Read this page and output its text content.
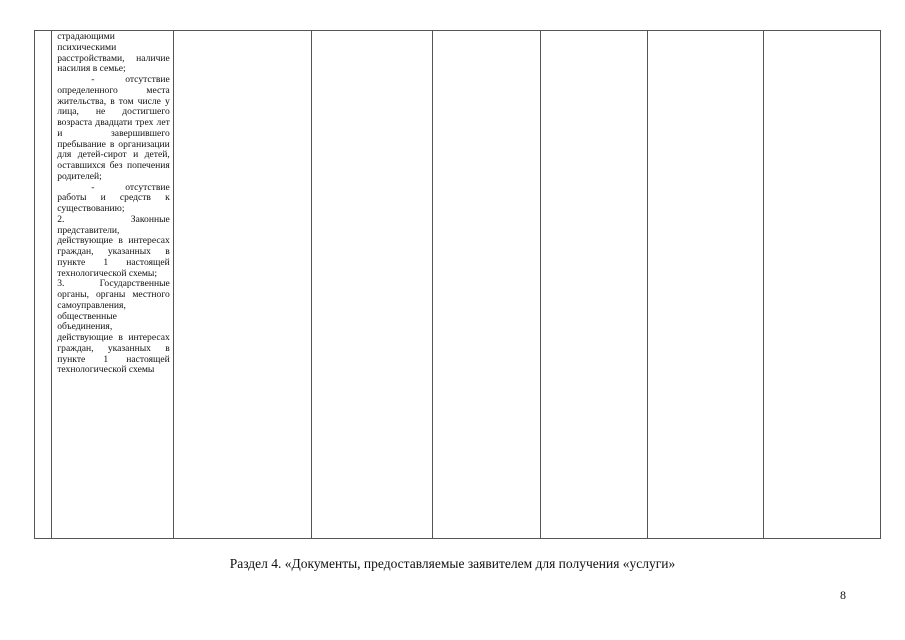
страдающими психическими расстройствами, наличие насилия в семье;

- отсутствие определенного места жительства, в том числе у лица, не достигшего возраста двадцати трех лет и завершившего пребывание в организации для детей-сирот и детей, оставшихся без попечения родителей;

- отсутствие работы и средств к существованию;

2. Законные представители, действующие в интересах граждан, указанных в пункте 1 настоящей технологической схемы;

3. Государственные органы, органы местного самоуправления, общественные объединения, действующие в интересах граждан, указанных в пункте 1 настоящей технологической схемы

Раздел 4. «Документы, предоставляемые заявителем для получения «услуги»
8
